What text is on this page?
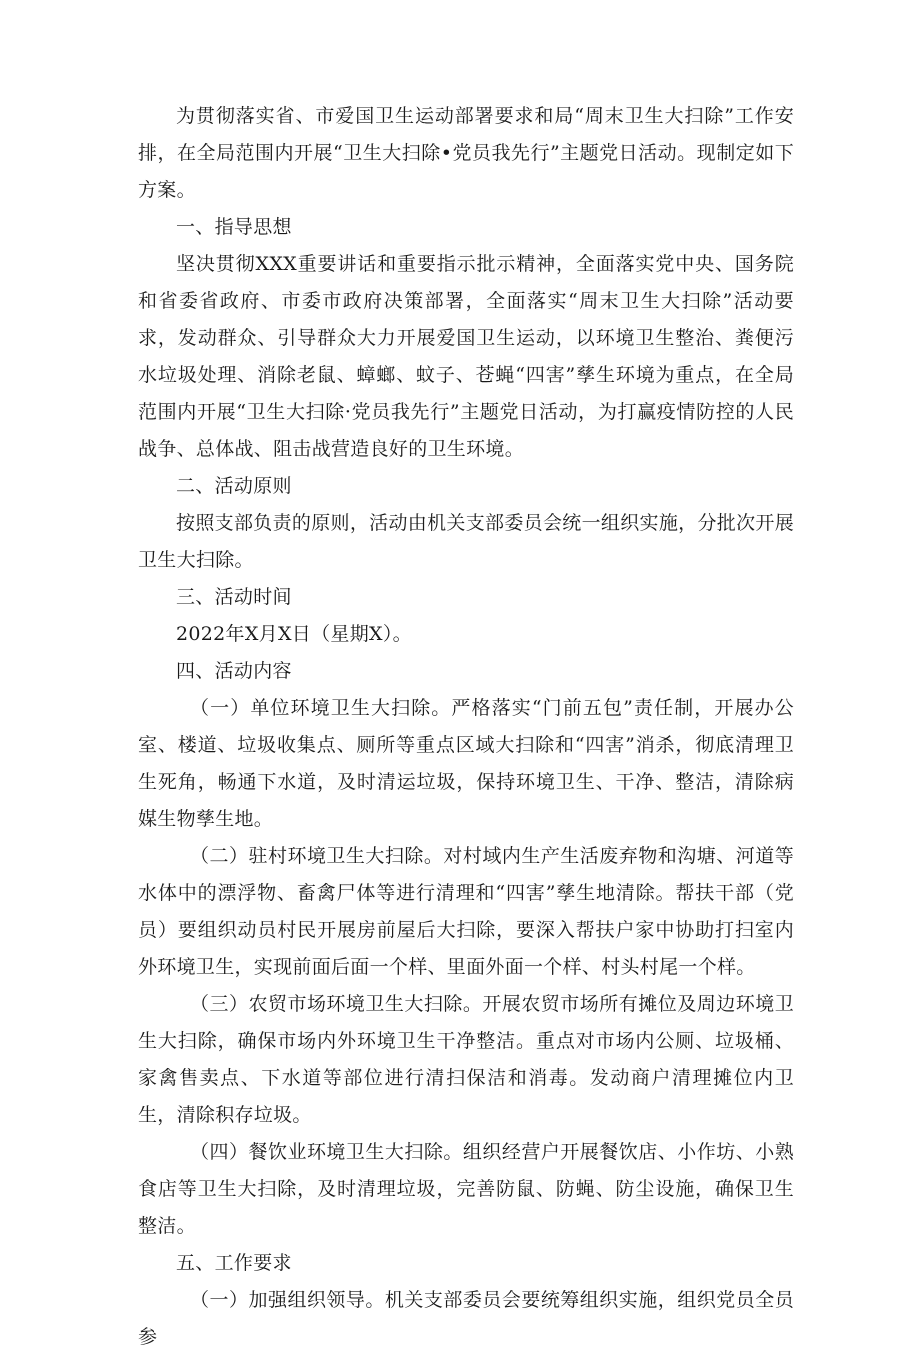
为贯彻落实省、市爱国卫生运动部署要求和局“周末卫生大扫除”工作安排，在全局范围内开展“卫生大扫除•党员我先行”主题党日活动。现制定如下方案。

一、指导思想

坚决贯彻XXX重要讲话和重要指示批示精神，全面落实党中央、国务院和省委省政府、市委市政府决策部署，全面落实“周末卫生大扫除”活动要求，发动群众、引导群众大力开展爱国卫生运动，以环境卫生整治、粪便污水垃圾处理、消除老鼠、蟑螂、蚊子、苍蝇“四害”孳生环境为重点，在全局范围内开展“卫生大扫除·党员我先行”主题党日活动，为打赢疫情防控的人民战争、总体战、阻击战营造良好的卫生环境。

二、活动原则

按照支部负责的原则，活动由机关支部委员会统一组织实施，分批次开展卫生大扫除。

三、活动时间

2022年X月X日（星期X）。

四、活动内容

（一）单位环境卫生大扫除。严格落实“门前五包”责任制，开展办公室、楼道、垃圾收集点、厕所等重点区域大扫除和“四害”消杀，彻底清理卫生死角，畅通下水道，及时清运垃圾，保持环境卫生、干净、整洁，清除病媒生物孳生地。

（二）驻村环境卫生大扫除。对村域内生产生活废弃物和沟塘、河道等水体中的漂浮物、畜禽尸体等进行清理和“四害”孳生地清除。帮扶干部（党员）要组织动员村民开展房前屋后大扫除，要深入帮扶户家中协助打扫室内外环境卫生，实现前面后面一个样、里面外面一个样、村头村尾一个样。

（三）农贸市场环境卫生大扫除。开展农贸市场所有摊位及周边环境卫生大扫除，确保市场内外环境卫生干净整洁。重点对市场内公厕、垃圾桶、家禽售卖点、下水道等部位进行清扫保洁和消毒。发动商户清理摊位内卫生，清除积存垃圾。

（四）餐饮业环境卫生大扫除。组织经营户开展餐饮店、小作坊、小熟食店等卫生大扫除，及时清理垃圾，完善防鼠、防蝇、防尘设施，确保卫生整洁。

五、工作要求

（一）加强组织领导。机关支部委员会要统筹组织实施，组织党员全员参
